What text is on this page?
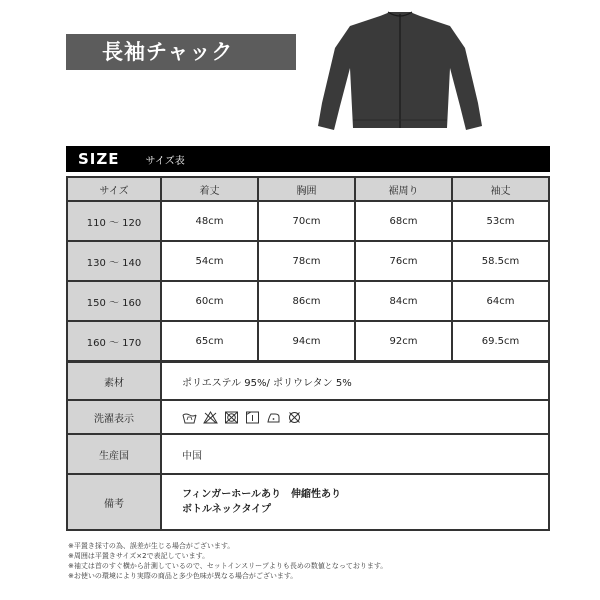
長袖チャック
SIZE	サイズ表
サイズ	着丈	胸囲	裾周り	袖丈
110 ～ 120	48cm	70cm	68cm	53cm
130 ～ 140	54cm	78cm	76cm	58.5cm
150 ～ 160	60cm	86cm	84cm	64cm
160 ～ 170	65cm	94cm	92cm	69.5cm
素材	ポリエステル 95%/ ポリウレタン 5%
洗濯表示	

生産国	中国
備考	フィンガーホールあり　伸縮性あり
ボトルネックタイプ
※平置き採寸の為、誤差が生じる場合がございます。
※周囲は平置きサイズ×2で表記しています。
※袖丈は首のすぐ横から計測しているので、セットインスリーブよりも長めの数値となっております。
※お使いの環境により実際の商品と多少色味が異なる場合がございます。
